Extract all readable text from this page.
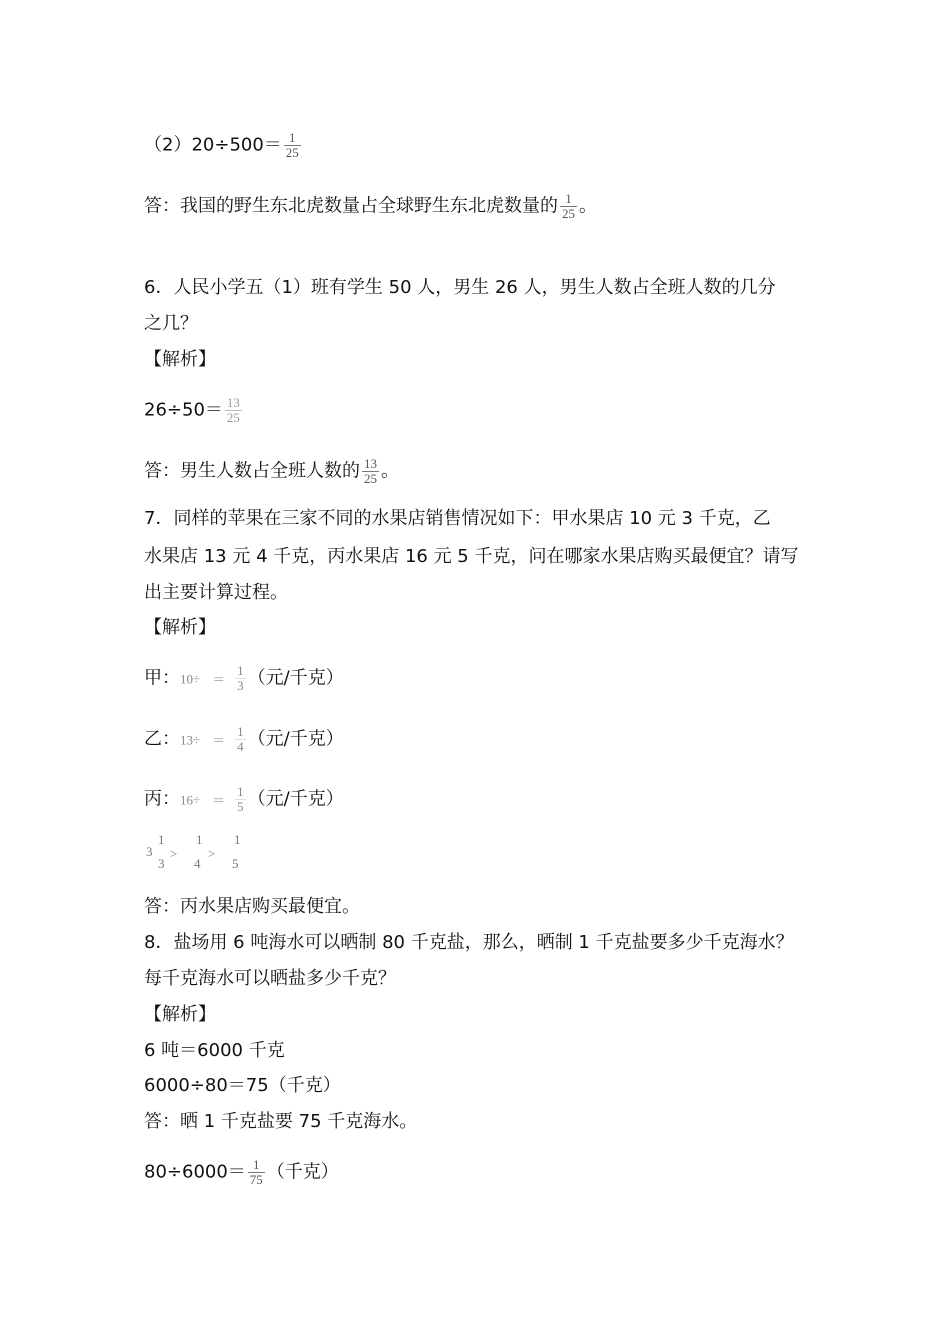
$(2)20\div 500= \frac{1}{25}$
答：我国的野生东北虎数量占全球野生东北虎数量的 $\frac{1}{25}$ 。
6．人民小学五（1）班有学生 50 人，男生 26 人，男生人数占全班人数的几分
之几？
【解析】
$26\div 50= \frac{13}{25}$
答：男生人数占全班人数的 $\frac{13}{25}$ 。
7．同样的苹果在三家不同的水果店销售情况如下：甲水果店 10 元 3 千克，乙
水果店 13 元 4 千克，丙水果店 16 元 5 千克，问在哪家水果店购买最便宜？请写
出主要计算过程。
【解析】
甲：$10\div = \frac{1}{3}$ （元/千克）
乙：$13\div = \frac{1}{4}$ （元/千克）
丙：$16\div = \frac{1}{5}$ （元/千克）
3
1
3
>
1
4
>
1
5
答：丙水果店购买最便宜。
8．盐场用 6 吨海水可以晒制 80 千克盐，那么，晒制 1 千克盐要多少千克海水？
每千克海水可以晒盐多少千克？
【解析】
6 吨＝6000 千克
6000÷80＝75（千克）
答：晒 1 千克盐要 75 千克海水。
$80\div 6000= \frac{1}{75}$ （千克）
